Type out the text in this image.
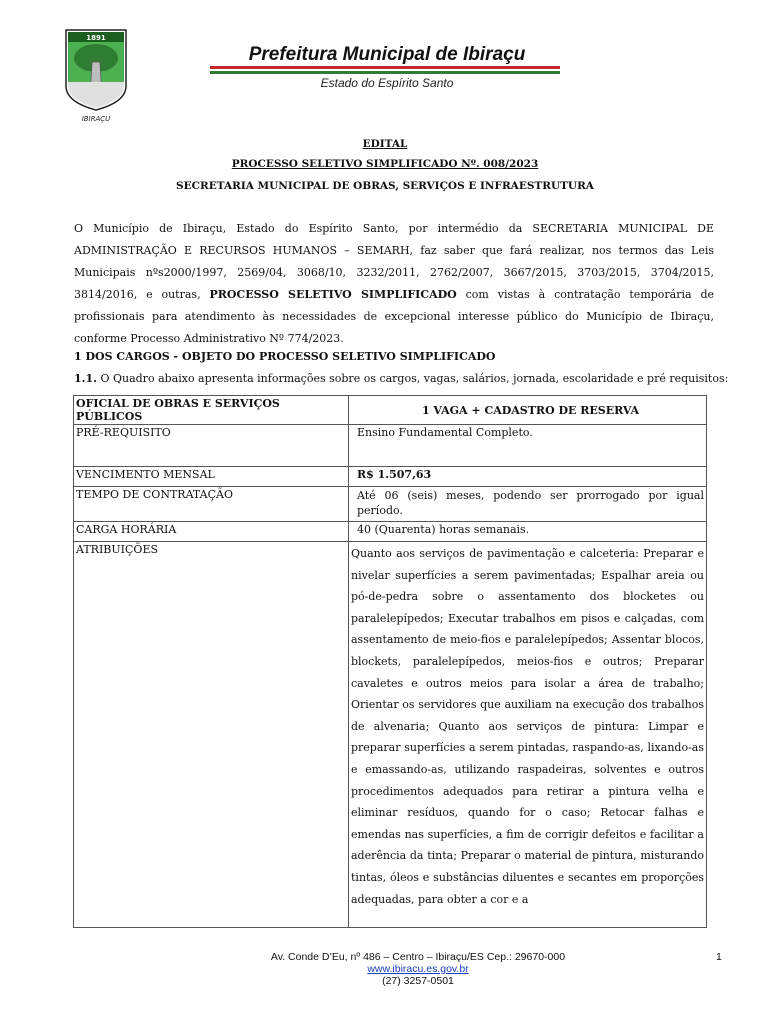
1891
IBIRAÇU
Prefeitura Municipal de Ibiraçu
Estado do Espírito Santo
EDITAL
PROCESSO SELETIVO SIMPLIFICADO Nº. 008/2023
SECRETARIA MUNICIPAL DE OBRAS, SERVIÇOS E INFRAESTRUTURA
O Município de Ibiraçu, Estado do Espírito Santo, por intermédio da SECRETARIA MUNICIPAL DE ADMINISTRAÇÃO E RECURSOS HUMANOS – SEMARH, faz saber que fará realizar, nos termos das Leis Municipais nºs2000/1997, 2569/04, 3068/10, 3232/2011, 2762/2007, 3667/2015, 3703/2015, 3704/2015, 3814/2016, e outras, PROCESSO SELETIVO SIMPLIFICADO com vistas à contratação temporária de profissionais para atendimento às necessidades de excepcional interesse público do Município de Ibiraçu, conforme Processo Administrativo Nº 774/2023.
1 DOS CARGOS - OBJETO DO PROCESSO SELETIVO SIMPLIFICADO
1.1. O Quadro abaixo apresenta informações sobre os cargos, vagas, salários, jornada, escolaridade e pré requisitos:
OFICIAL DE OBRAS E SERVIÇOS PÚBLICOS	1 VAGA + CADASTRO DE RESERVA
PRÉ-REQUISITO	Ensino Fundamental Completo.
VENCIMENTO MENSAL	R$ 1.507,63
TEMPO DE CONTRATAÇÃO	Até 06 (seis) meses, podendo ser prorrogado por igual período.
CARGA HORÁRIA	40 (Quarenta) horas semanais.
ATRIBUIÇÕES	Quanto aos serviços de pavimentação e calceteria: Preparar e nivelar superfícies a serem pavimentadas; Espalhar areia ou pó-de-pedra sobre o assentamento dos blocketes ou paralelepípedos; Executar trabalhos em pisos e calçadas, com assentamento de meio-fios e paralelepípedos; Assentar blocos, blockets, paralelepípedos, meios-fios e outros; Preparar cavaletes e outros meios para isolar a área de trabalho; Orientar os servidores que auxiliam na execução dos trabalhos de alvenaria; Quanto aos serviços de pintura: Limpar e preparar superfícies a serem pintadas, raspando-as, lixando-as e emassando-as, utilizando raspadeiras, solventes e outros procedimentos adequados para retirar a pintura velha e eliminar resíduos, quando for o caso; Retocar falhas e emendas nas superfícies, a fim de corrigir defeitos e facilitar a aderência da tinta; Preparar o material de pintura, misturando tintas, óleos e substâncias diluentes e secantes em proporções adequadas, para obter a cor e a
Av. Conde D’Eu, nº 486 – Centro – Ibiraçu/ES Cep.: 29670-000
www.ibiracu.es.gov.br
(27) 3257-0501
1
